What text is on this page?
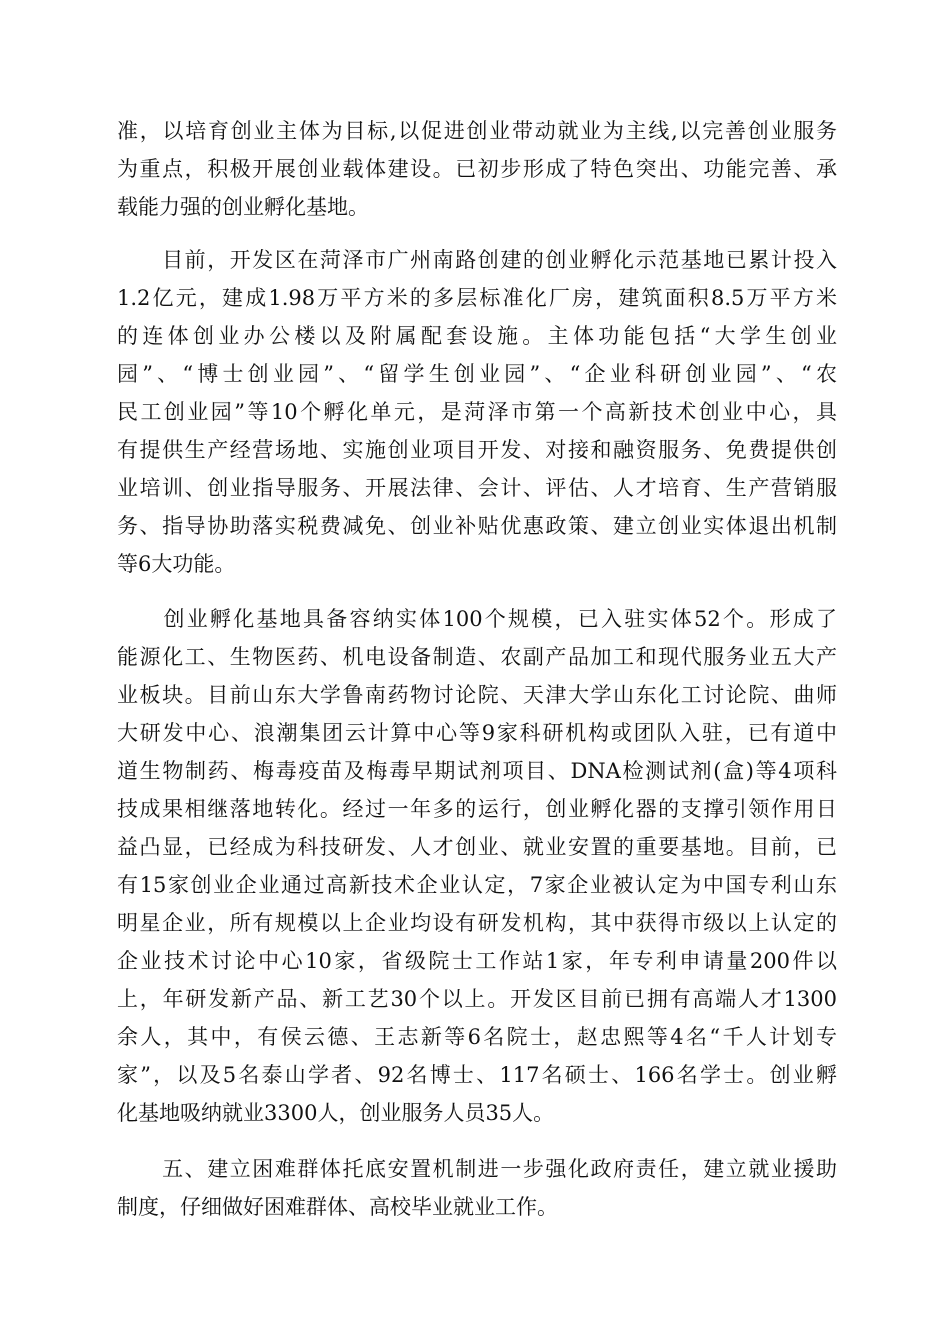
准，以培育创业主体为目标,以促进创业带动就业为主线,以完善创业服务
为重点，积极开展创业载体建设。已初步形成了特色突出、功能完善、承
载能力强的创业孵化基地。
　　目前，开发区在菏泽市广州南路创建的创业孵化示范基地已累计投入
1.2亿元，建成1.98万平方米的多层标准化厂房，建筑面积8.5万平方米
的连体创业办公楼以及附属配套设施。主体功能包括“大学生创业
园”、“博士创业园”、“留学生创业园”、“企业科研创业园”、“农
民工创业园”等10个孵化单元，是菏泽市第一个高新技术创业中心，具
有提供生产经营场地、实施创业项目开发、对接和融资服务、免费提供创
业培训、创业指导服务、开展法律、会计、评估、人才培育、生产营销服
务、指导协助落实税费减免、创业补贴优惠政策、建立创业实体退出机制
等6大功能。
　　创业孵化基地具备容纳实体100个规模，已入驻实体52个。形成了
能源化工、生物医药、机电设备制造、农副产品加工和现代服务业五大产
业板块。目前山东大学鲁南药物讨论院、天津大学山东化工讨论院、曲师
大研发中心、浪潮集团云计算中心等9家科研机构或团队入驻，已有道中
道生物制药、梅毒疫苗及梅毒早期试剂项目、DNA检测试剂(盒)等4项科
技成果相继落地转化。经过一年多的运行，创业孵化器的支撑引领作用日
益凸显，已经成为科技研发、人才创业、就业安置的重要基地。目前，已
有15家创业企业通过高新技术企业认定，7家企业被认定为中国专利山东
明星企业，所有规模以上企业均设有研发机构，其中获得市级以上认定的
企业技术讨论中心10家，省级院士工作站1家，年专利申请量200件以
上，年研发新产品、新工艺30个以上。开发区目前已拥有高端人才1300
余人，其中，有侯云德、王志新等6名院士，赵忠熙等4名“千人计划专
家”，以及5名泰山学者、92名博士、117名硕士、166名学士。创业孵
化基地吸纳就业3300人，创业服务人员35人。
　　五、建立困难群体托底安置机制进一步强化政府责任，建立就业援助
制度，仔细做好困难群体、高校毕业就业工作。
